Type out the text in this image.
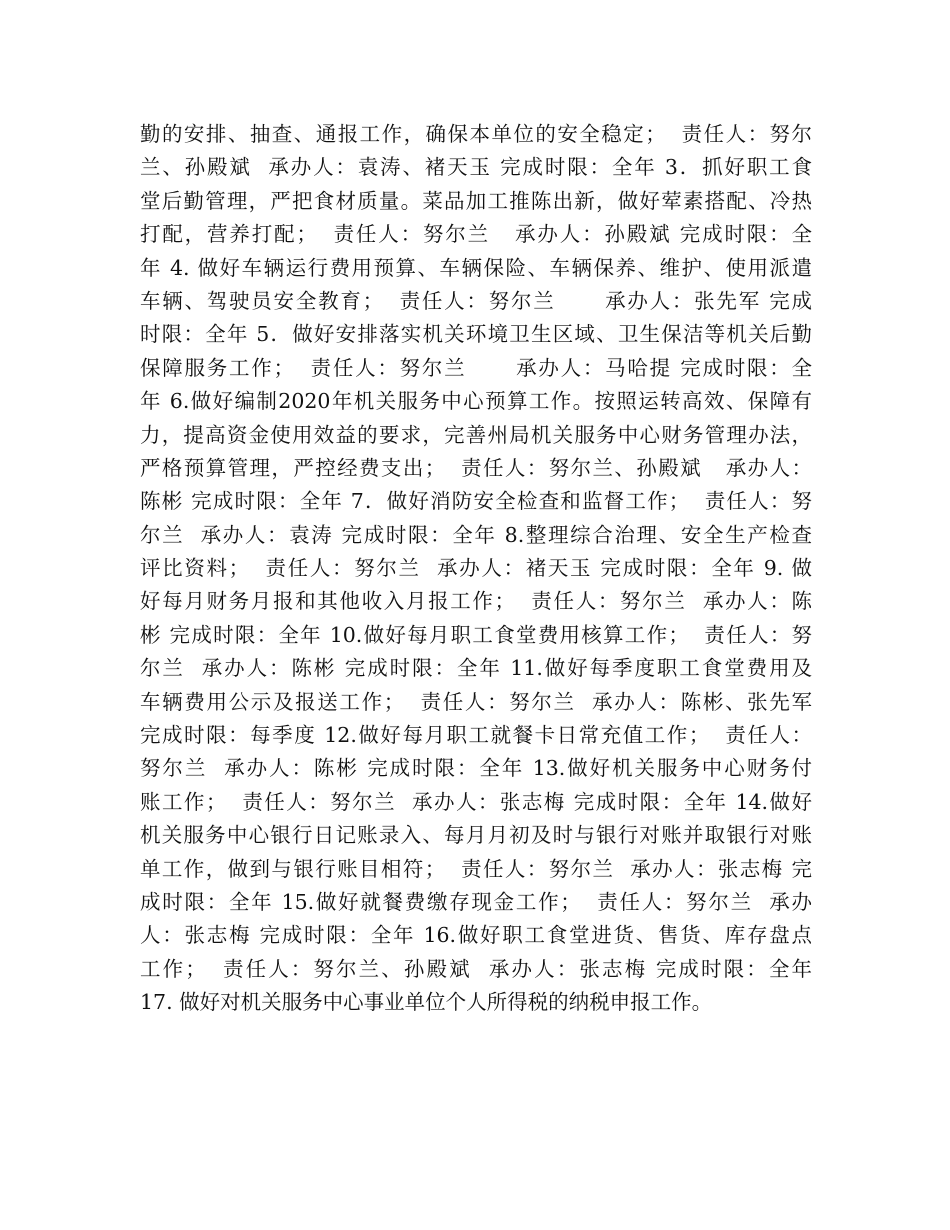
勤的安排、抽查、通报工作，确保本单位的安全稳定；  责任人：努尔
兰、孙殿斌  承办人：袁涛、褚天玉 完成时限：全年 3．抓好职工食
堂后勤管理，严把食材质量。菜品加工推陈出新，做好荤素搭配、冷热
打配，营养打配；  责任人：努尔兰   承办人：孙殿斌 完成时限：全
年 4. 做好车辆运行费用预算、车辆保险、车辆保养、维护、使用派遣
车辆、驾驶员安全教育；  责任人：努尔兰      承办人：张先军 完成
时限：全年 5．做好安排落实机关环境卫生区域、卫生保洁等机关后勤
保障服务工作；  责任人：努尔兰      承办人：马哈提 完成时限：全
年 6.做好编制2020年机关服务中心预算工作。按照运转高效、保障有
力，提高资金使用效益的要求，完善州局机关服务中心财务管理办法，
严格预算管理，严控经费支出；  责任人：努尔兰、孙殿斌   承办人：
陈彬 完成时限：全年 7．做好消防安全检查和监督工作；  责任人：努
尔兰  承办人：袁涛 完成时限：全年 8.整理综合治理、安全生产检查
评比资料；  责任人：努尔兰  承办人：褚天玉 完成时限：全年 9. 做
好每月财务月报和其他收入月报工作；  责任人：努尔兰  承办人：陈
彬 完成时限：全年 10.做好每月职工食堂费用核算工作；  责任人：努
尔兰  承办人：陈彬 完成时限：全年 11.做好每季度职工食堂费用及
车辆费用公示及报送工作；  责任人：努尔兰  承办人：陈彬、张先军
完成时限：每季度 12.做好每月职工就餐卡日常充值工作；  责任人：
努尔兰  承办人：陈彬 完成时限：全年 13.做好机关服务中心财务付
账工作；  责任人：努尔兰  承办人：张志梅 完成时限：全年 14.做好
机关服务中心银行日记账录入、每月月初及时与银行对账并取银行对账
单工作，做到与银行账目相符；  责任人：努尔兰  承办人：张志梅 完
成时限：全年 15.做好就餐费缴存现金工作；  责任人：努尔兰  承办
人：张志梅 完成时限：全年 16.做好职工食堂进货、售货、库存盘点
工作；  责任人：努尔兰、孙殿斌  承办人：张志梅 完成时限：全年
17. 做好对机关服务中心事业单位个人所得税的纳税申报工作。
